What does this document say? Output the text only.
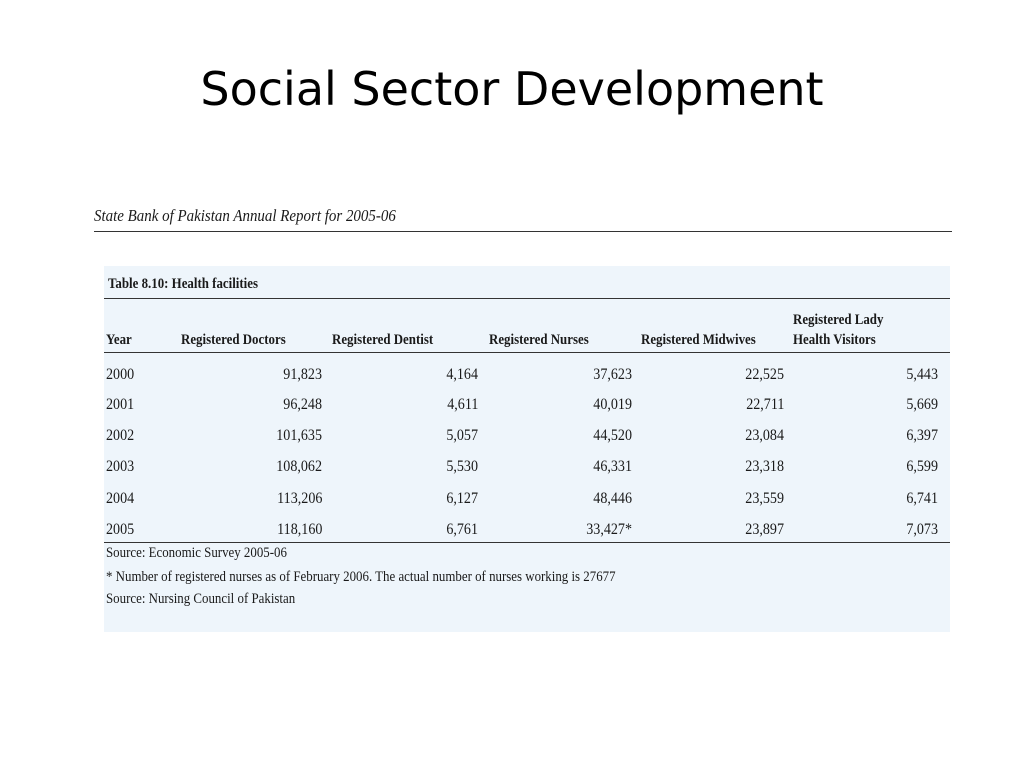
Social Sector Development
State Bank of Pakistan Annual Report for 2005-06
Table 8.10: Health facilities
Year	Registered Doctors	Registered Dentist	Registered Nurses	Registered Midwives
Registered Lady
Health Visitors
2000	91,823	4,164	37,623	22,525	5,443
2001	96,248	4,611	40,019	22,711	5,669
2002	101,635	5,057	44,520	23,084	6,397
2003	108,062	5,530	46,331	23,318	6,599
2004	113,206	6,127	48,446	23,559	6,741
2005	118,160	6,761	33,427*	23,897	7,073
Source: Economic Survey 2005-06
* Number of registered nurses as of February 2006. The actual number of nurses working is 27677
Source: Nursing Council of Pakistan
